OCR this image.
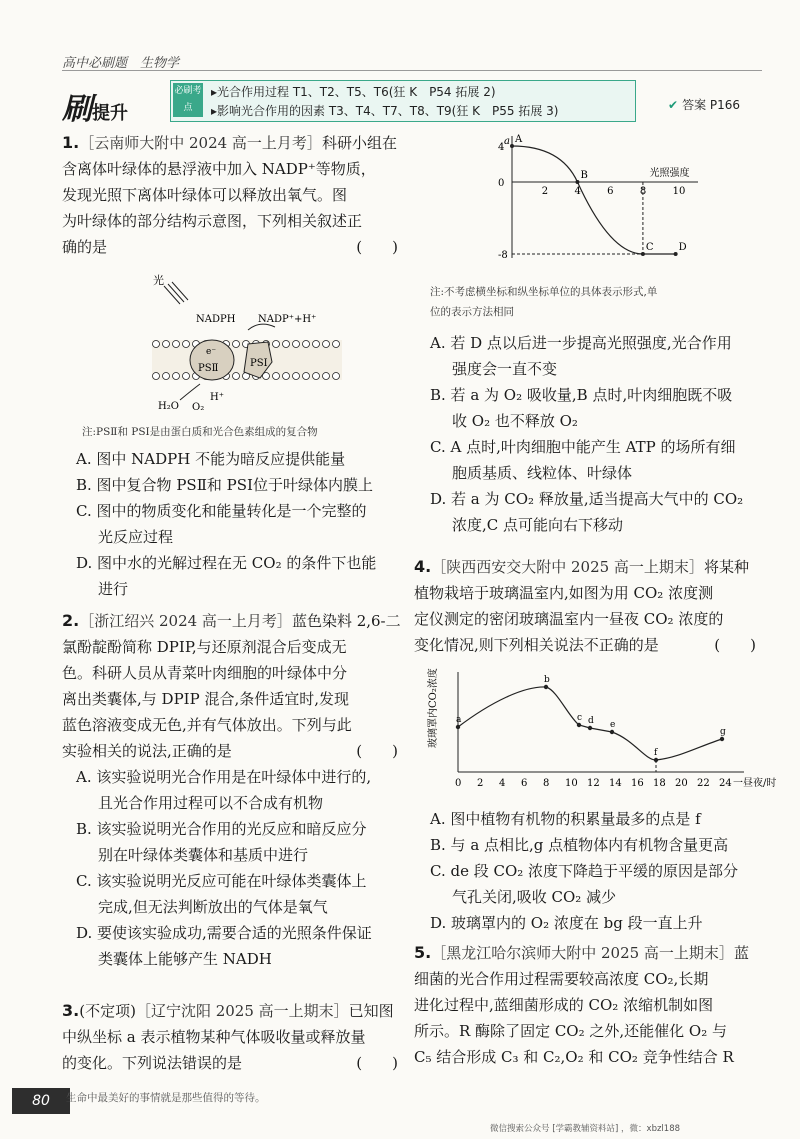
高中必刷题　生物学
刷提升
必刷考点
▸光合作用过程 T1、T2、T5、T6(狂 K　P54 拓展 2)
▸影响光合作用的因素 T3、T4、T7、T8、T9(狂 K　P55 拓展 3)	✔ 答案 P166
1.［云南师大附中 2024 高一上月考］科研小组在
含离体叶绿体的悬浮液中加入 NADP⁺等物质，
发现光照下离体叶绿体可以释放出氧气。图
为叶绿体的部分结构示意图，下列相关叙述正
确的是	(　　)
光
NADPH NADP⁺+H⁺
e⁻
PSⅡ	PSⅠ
H₂O O₂
H⁺
注:PSⅡ和 PSⅠ是由蛋白质和光合色素组成的复合物
A. 图中 NADPH 不能为暗反应提供能量
B. 图中复合物 PSⅡ和 PSⅠ位于叶绿体内膜上
C. 图中的物质变化和能量转化是一个完整的
光反应过程
D. 图中水的光解过程在无 CO₂ 的条件下也能
进行
2.［浙江绍兴 2024 高一上月考］蓝色染料 2,6-二
氯酚靛酚简称 DPIP,与还原剂混合后变成无
色。科研人员从青菜叶肉细胞的叶绿体中分
离出类囊体,与 DPIP 混合,条件适宜时,发现
蓝色溶液变成无色,并有气体放出。下列与此
实验相关的说法,正确的是	(　　)
A. 该实验说明光合作用是在叶绿体中进行的,
且光合作用过程可以不合成有机物
B. 该实验说明光合作用的光反应和暗反应分
别在叶绿体类囊体和基质中进行
C. 该实验说明光反应可能在叶绿体类囊体上
完成,但无法判断放出的气体是氧气
D. 要使该实验成功,需要合适的光照条件保证
类囊体上能够产生 NADH
3.(不定项)［辽宁沈阳 2025 高一上期末］已知图
中纵坐标 a 表示植物某种气体吸收量或释放量
的变化。下列说法错误的是	(　　)
a
光照强度
2	4	6	8	10
4
0
-8
A
B
C	D
注:不考虑横坐标和纵坐标单位的具体表示形式,单
位的表示方法相同
A. 若 D 点以后进一步提高光照强度,光合作用
强度会一直不变
B. 若 a 为 O₂ 吸收量,B 点时,叶肉细胞既不吸
收 O₂ 也不释放 O₂
C. A 点时,叶肉细胞中能产生 ATP 的场所有细
胞质基质、线粒体、叶绿体
D. 若 a 为 CO₂ 释放量,适当提高大气中的 CO₂
浓度,C 点可能向右下移动
4.［陕西西安交大附中 2025 高一上期末］将某种
植物栽培于玻璃温室内,如图为用 CO₂ 浓度测
定仪测定的密闭玻璃温室内一昼夜 CO₂ 浓度的
变化情况,则下列相关说法不正确的是	(　　)
玻璃罩内CO₂浓度
一昼夜/时
0 2 4 6 8 10 12 14 16 18 20 22 24
a
b
c d e
f
g
A. 图中植物有机物的积累量最多的点是 f
B. 与 a 点相比,g 点植物体内有机物含量更高
C. de 段 CO₂ 浓度下降趋于平缓的原因是部分
气孔关闭,吸收 CO₂ 减少
D. 玻璃罩内的 O₂ 浓度在 bg 段一直上升
5.［黑龙江哈尔滨师大附中 2025 高一上期末］蓝
细菌的光合作用过程需要较高浓度 CO₂,长期
进化过程中,蓝细菌形成的 CO₂ 浓缩机制如图
所示。R 酶除了固定 CO₂ 之外,还能催化 O₂ 与
C₅ 结合形成 C₃ 和 C₂,O₂ 和 CO₂ 竞争性结合 R
80	生命中最美好的事情就是那些值得的等待。
微信搜索公众号 [学霸教辅资料站] ，微：xbzl188
